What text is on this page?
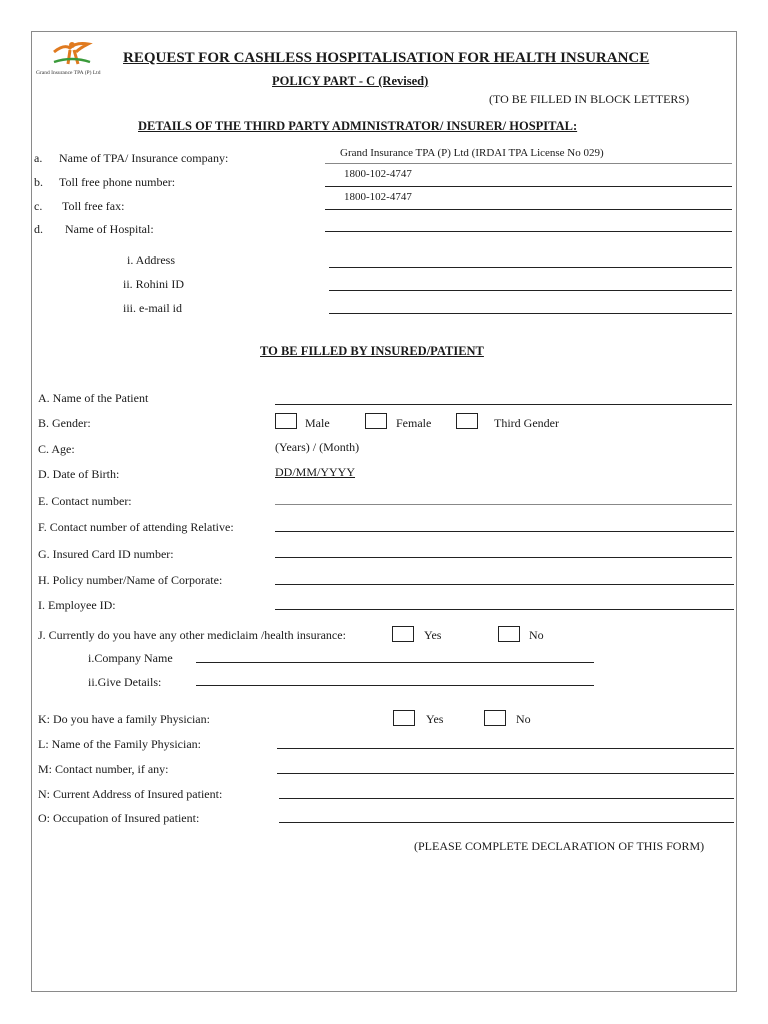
Grand Insurance TPA (P) Ltd
REQUEST FOR CASHLESS HOSPITALISATION FOR HEALTH INSURANCE
POLICY PART - C (Revised)
(TO BE FILLED IN BLOCK LETTERS)
DETAILS OF THE THIRD PARTY ADMINISTRATOR/ INSURER/ HOSPITAL:
a. Name of TPA/ Insurance company:	Grand Insurance TPA (P) Ltd (IRDAI TPA License No 029)
b. Toll free phone number:
1800-102-4747
c. Toll free fax:
1800-102-4747
d. Name of Hospital:
i. Address
ii. Rohini ID
iii. e-mail id
TO BE FILLED BY INSURED/PATIENT
A. Name of the Patient
B. Gender:	Male	Female	Third Gender
C. Age:	(Years) / (Month)
D. Date of Birth:	DD/MM/YYYY
E. Contact number:
F. Contact number of attending Relative:
G. Insured Card ID number:
H. Policy number/Name of Corporate:
I. Employee ID:
J. Currently do you have any other mediclaim /health insurance:	Yes	No
i.Company Name
ii.Give Details:
K: Do you have a family Physician:	Yes	No
L: Name of the Family Physician:
M: Contact number, if any:
N: Current Address of Insured patient:
O: Occupation of Insured patient:
(PLEASE COMPLETE DECLARATION OF THIS FORM)
